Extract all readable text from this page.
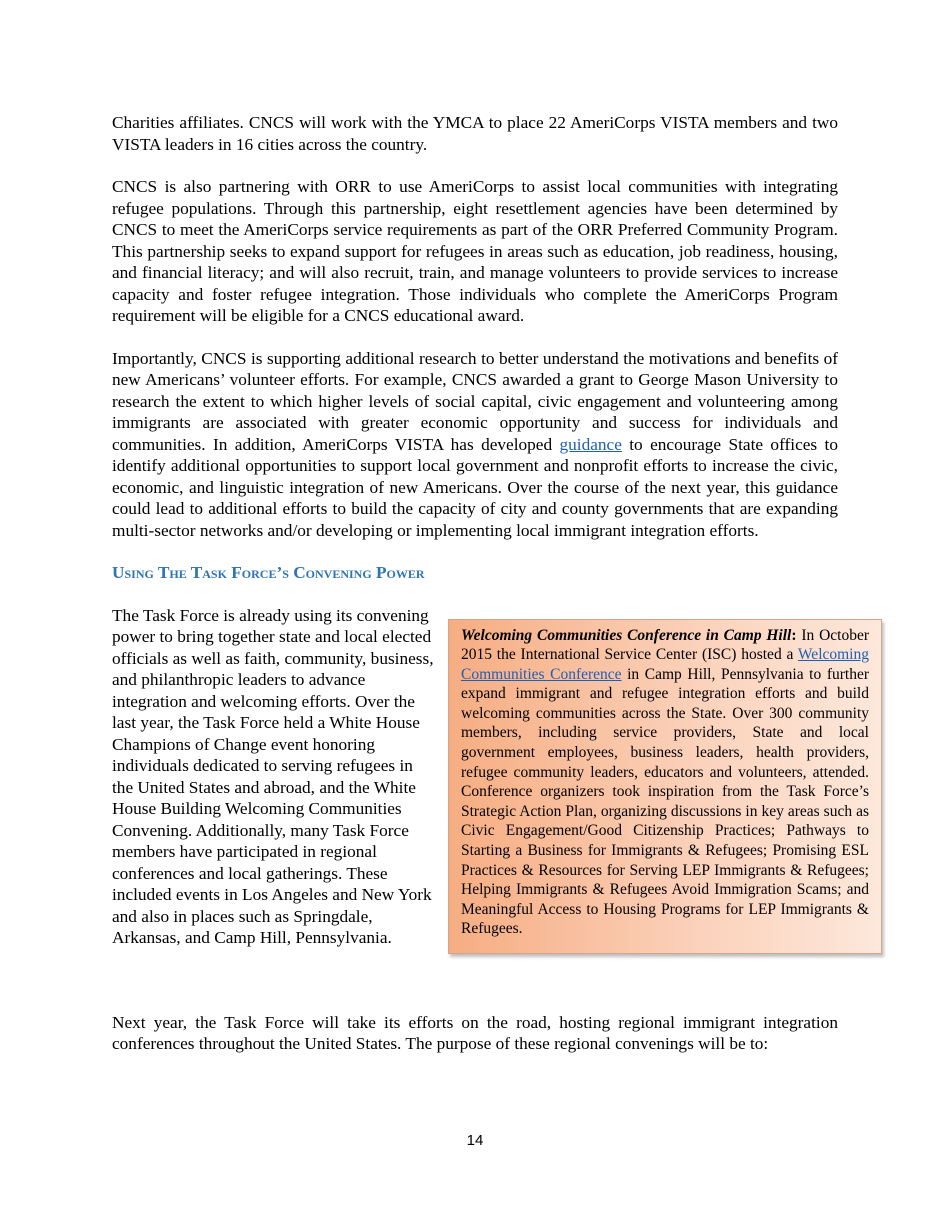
Charities affiliates. CNCS will work with the YMCA to place 22 AmeriCorps VISTA members and two VISTA leaders in 16 cities across the country.

CNCS is also partnering with ORR to use AmeriCorps to assist local communities with integrating refugee populations. Through this partnership, eight resettlement agencies have been determined by CNCS to meet the AmeriCorps service requirements as part of the ORR Preferred Community Program. This partnership seeks to expand support for refugees in areas such as education, job readiness, housing, and financial literacy; and will also recruit, train, and manage volunteers to provide services to increase capacity and foster refugee integration. Those individuals who complete the AmeriCorps Program requirement will be eligible for a CNCS educational award.

Importantly, CNCS is supporting additional research to better understand the motivations and benefits of new Americans’ volunteer efforts. For example, CNCS awarded a grant to George Mason University to research the extent to which higher levels of social capital, civic engagement and volunteering among immigrants are associated with greater economic opportunity and success for individuals and communities. In addition, AmeriCorps VISTA has developed guidance to encourage State offices to identify additional opportunities to support local government and nonprofit efforts to increase the civic, economic, and linguistic integration of new Americans. Over the course of the next year, this guidance could lead to additional efforts to build the capacity of city and county governments that are expanding multi-sector networks and/or developing or implementing local immigrant integration efforts.

Using The Task Force’s Convening Power

The Task Force is already using its convening power to bring together state and local elected officials as well as faith, community, business, and philanthropic leaders to advance integration and welcoming efforts. Over the last year, the Task Force held a White House Champions of Change event honoring individuals dedicated to serving refugees in the United States and abroad, and the White House Building Welcoming Communities Convening. Additionally, many Task Force members have participated in regional conferences and local gatherings. These included events in Los Angeles and New York and also in places such as Springdale, Arkansas, and Camp Hill, Pennsylvania.

Welcoming Communities Conference in Camp Hill: In October 2015 the International Service Center (ISC) hosted a Welcoming Communities Conference in Camp Hill, Pennsylvania to further expand immigrant and refugee integration efforts and build welcoming communities across the State. Over 300 community members, including service providers, State and local government employees, business leaders, health providers, refugee community leaders, educators and volunteers, attended. Conference organizers took inspiration from the Task Force’s Strategic Action Plan, organizing discussions in key areas such as Civic Engagement/Good Citizenship Practices; Pathways to Starting a Business for Immigrants & Refugees; Promising ESL Practices & Resources for Serving LEP Immigrants & Refugees; Helping Immigrants & Refugees Avoid Immigration Scams; and Meaningful Access to Housing Programs for LEP Immigrants & Refugees.

Next year, the Task Force will take its efforts on the road, hosting regional immigrant integration conferences throughout the United States. The purpose of these regional convenings will be to:

14
